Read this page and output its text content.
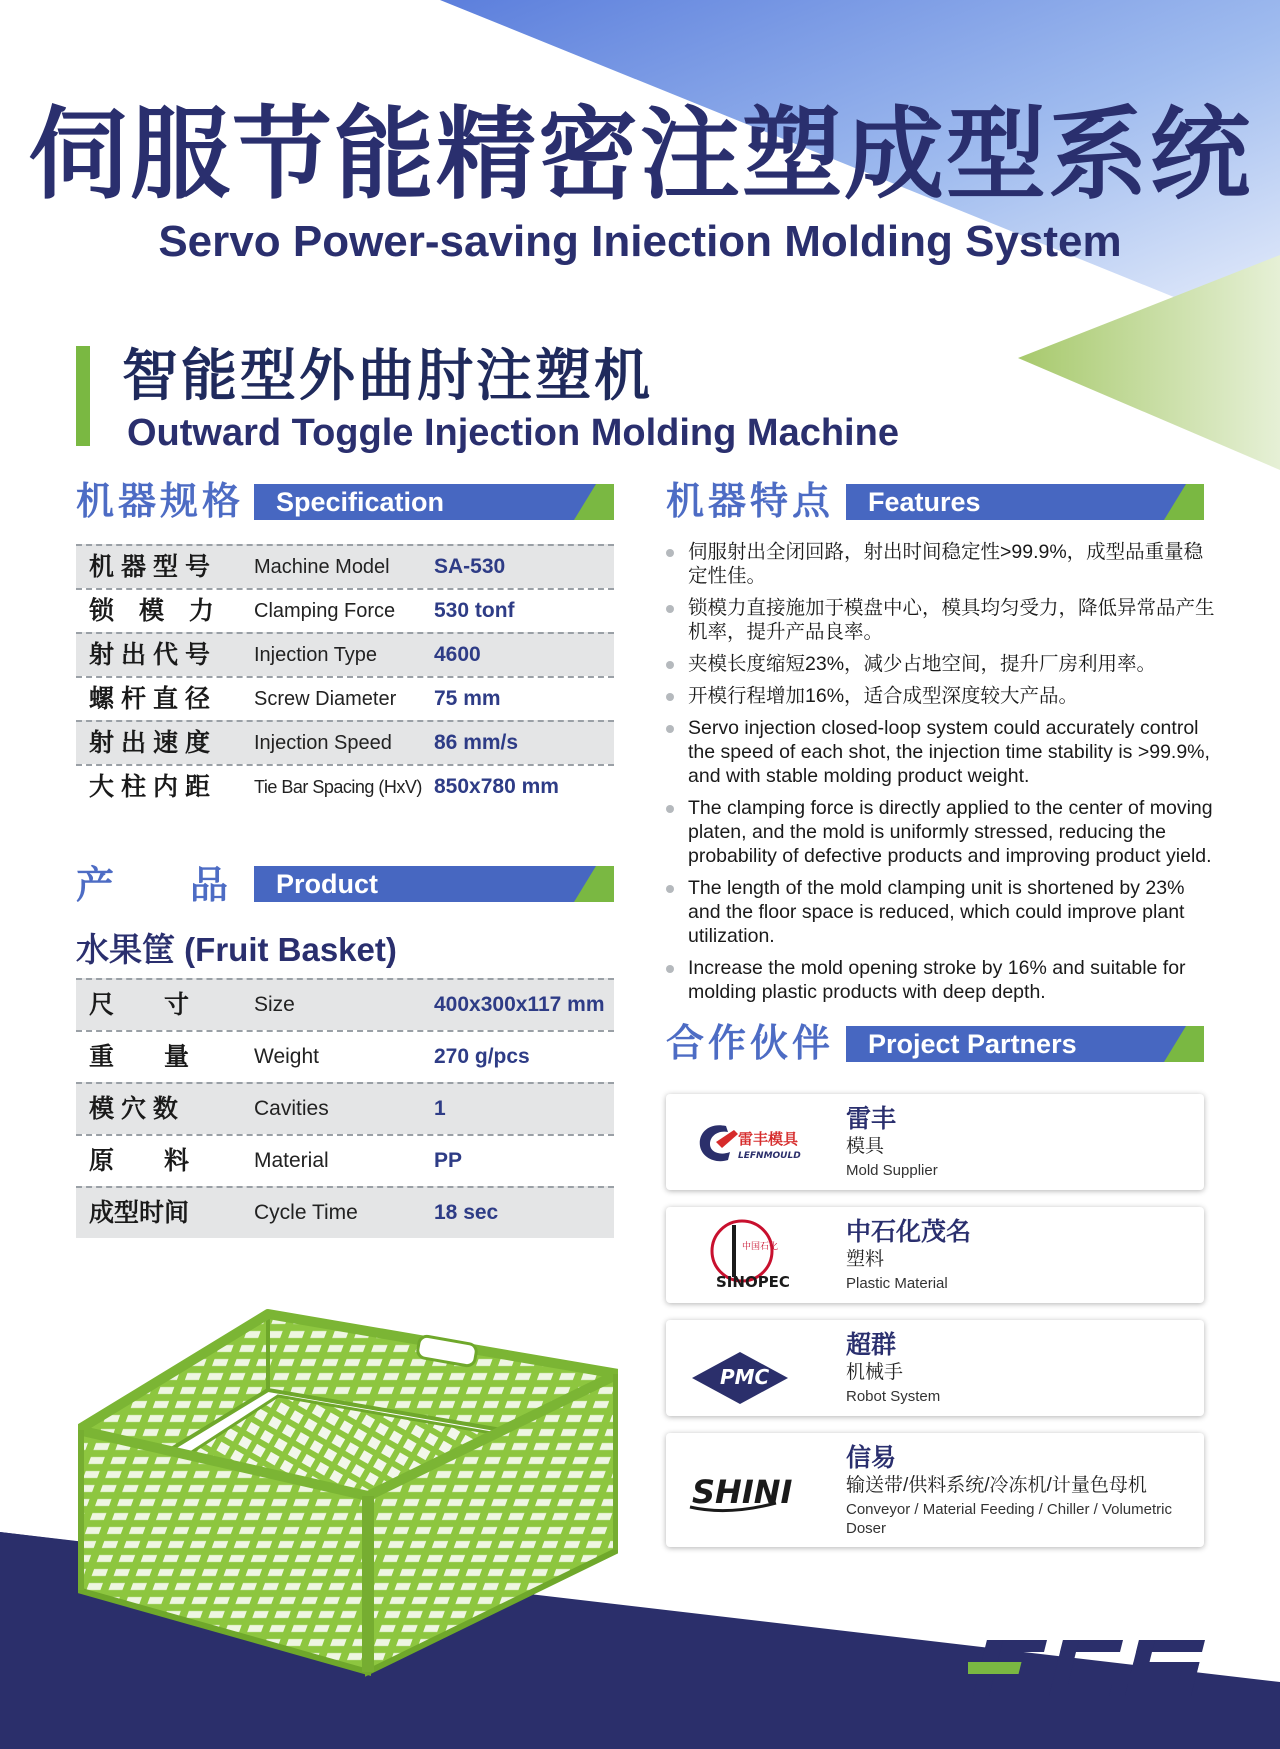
伺服节能精密注塑成型系统
Servo Power-saving Iniection Molding System
智能型外曲肘注塑机
Outward Toggle Injection Molding Machine
机器规格 Specification
机器型号 Machine Model SA-530
锁 模 力 Clamping Force 530 tonf
射出代号 Injection Type	4600
螺杆直径 Screw Diameter 75 mm
射出速度 Injection Speed 86 mm/s
大柱内距 Tie Bar Spacing (HxV) 850x780 mm
产　　品 Product
水果筐 (Fruit Basket)
尺　　寸	Size	400x300x117 mm
重　　量	Weight	270 g/pcs
模 穴 数	Cavities	1
原　　料	Material	PP
成型时间	Cycle Time	18 sec
机器特点 Features
伺服射出全闭回路，射出时间稳定性>99.9%，成型品重量稳定性佳。
锁模力直接施加于模盘中心，模具均匀受力，降低异常品产生机率，提升产品良率。
夹模长度缩短23%，减少占地空间，提升厂房利用率。
开模行程增加16%，适合成型深度较大产品。
Servo injection closed-loop system could accurately control the speed of each shot, the injection time stability is >99.9%, and with stable molding product weight.
The clamping force is directly applied to the center of moving platen, and the mold is uniformly stressed, reducing the probability of defective products and improving product yield.
The length of the mold clamping unit is shortened by 23% and the floor space is reduced, which could improve plant utilization.
Increase the mold opening stroke by 16% and suitable for molding plastic products with deep depth.
合作伙伴 Project Partners
雷丰模具
LEFNMOULD
雷丰
模具
Mold Supplier
中国石化
SINOPEC
中石化茂名
塑料
Plastic Material
PMC
超群
机械手
Robot System
SHINI
信易
输送带/供料系统/冷冻机/计量色母机
Conveyor / Material Feeding / Chiller / Volumetric Doser
FCS
